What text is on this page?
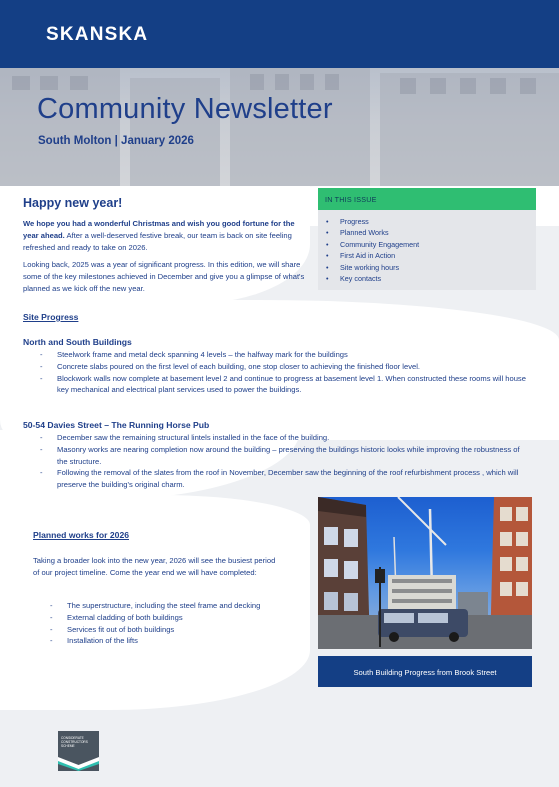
SKANSKA
Community Newsletter
South Molton | January 2026
Happy new year!

We hope you had a wonderful Christmas and wish you good fortune for the year ahead. After a well-deserved festive break, our team is back on site feeling refreshed and ready to take on 2026.

Looking back, 2025 was a year of significant progress. In this edition, we will share some of the key milestones achieved in December and give you a glimpse of what's planned as we kick off the new year.

IN THIS ISSUE
• Progress
• Planned Works
• Community Engagement
• First Aid in Action
• Site working hours
• Key contacts
Site Progress
North and South Buildings
-	Steelwork frame and metal deck spanning 4 levels – the halfway mark for the buildings
-	Concrete slabs poured on the first level of each building, one stop closer to achieving the finished floor level.
-	Blockwork walls now complete at basement level 2 and continue to progress at basement level 1. When constructed these rooms will house key mechanical and electrical plant services used to power the buildings.
50-54 Davies Street – The Running Horse Pub
-	December saw the remaining structural lintels installed in the face of the building.
-	Masonry works are nearing completion now around the building – preserving the buildings historic looks while improving the robustness of the structure.
-	Following the removal of the slates from the roof in November, December saw the beginning of the roof refurbishment process , which will preserve the building's original charm.
Planned works for 2026

Taking a broader look into the new year, 2026 will see the busiest period of our project timeline. Come the year end we will have completed:

-	The superstructure, including the steel frame and decking
-	External cladding of both buildings
-	Services fit out of both buildings
-	Installation of the lifts
South Building Progress from Brook Street
CONSIDERATE
CONSTRUCTORS
SCHEME
